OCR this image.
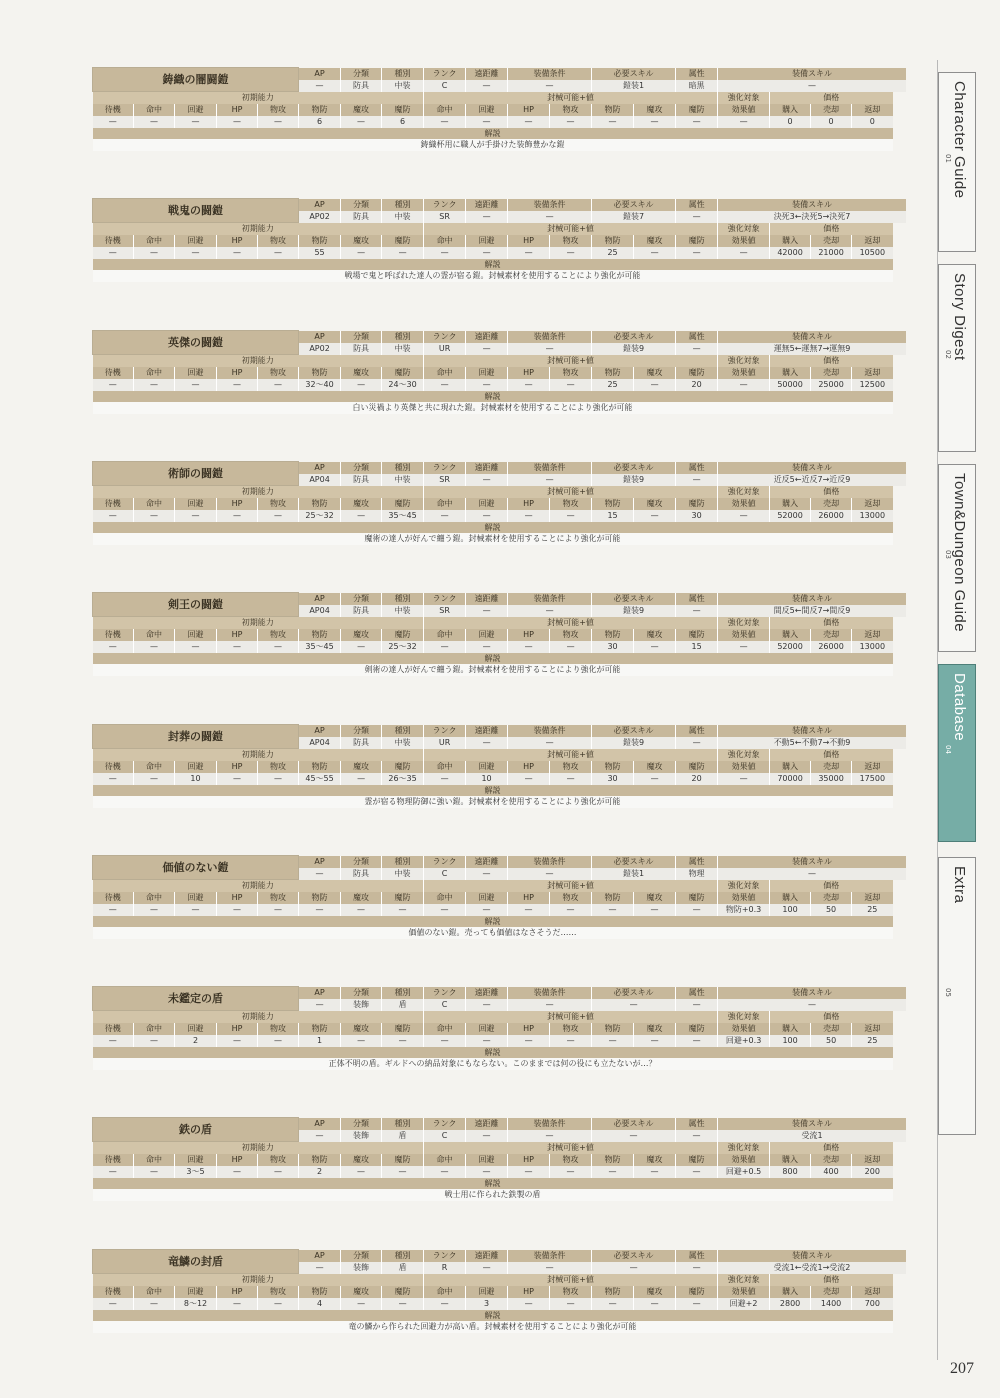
01 Character Guide
02 Story Digest
03 Town&Dungeon Guide
04
Database
05
Extra
鋳織の闇闘鎧					AP	分類	種別	ランク	遠距離	装備条件		必要スキル		属性	装備スキル			
					—	防具	中装	C	—	—		鎧装1		暗黒	—			
初期能力								封械可能+値							強化対象	価格		
待機	命中	回避	HP	物攻	物防	魔攻	魔防	命中	回避	HP	物攻	物防	魔攻	魔防	効果値	購入	売却	返却
—	—	—	—	—	6	—	6	—	—	—	—	—	—	—	—	0	0	0
解説																		
鋳織杯用に職人が手掛けた装飾豊かな鎧																		
戦鬼の闘鎧					AP	分類	種別	ランク	遠距離	装備条件		必要スキル		属性	装備スキル			
					AP02	防具	中装	SR	—	—		鎧装7		—	決死3←決死5→決死7			
初期能力								封械可能+値							強化対象	価格		
待機	命中	回避	HP	物攻	物防	魔攻	魔防	命中	回避	HP	物攻	物防	魔攻	魔防	効果値	購入	売却	返却
—	—	—	—	—	55	—	—	—	—	—	—	25	—	—	—	42000	21000	10500
解説																		
戦場で鬼と呼ばれた達人の霊が宿る鎧。封械素材を使用することにより強化が可能																		
英傑の闘鎧					AP	分類	種別	ランク	遠距離	装備条件		必要スキル		属性	装備スキル			
					AP02	防具	中装	UR	—	—		鎧装9		—	運無5←運無7→運無9			
初期能力								封械可能+値							強化対象	価格		
待機	命中	回避	HP	物攻	物防	魔攻	魔防	命中	回避	HP	物攻	物防	魔攻	魔防	効果値	購入	売却	返却
—	—	—	—	—	32～40	—	24～30	—	—	—	—	25	—	20	—	50000	25000	12500
解説																		
白い災禍より英傑と共に現れた鎧。封械素材を使用することにより強化が可能																		
術師の闘鎧					AP	分類	種別	ランク	遠距離	装備条件		必要スキル		属性	装備スキル			
					AP04	防具	中装	SR	—	—		鎧装9		—	近反5←近反7→近反9			
初期能力								封械可能+値							強化対象	価格		
待機	命中	回避	HP	物攻	物防	魔攻	魔防	命中	回避	HP	物攻	物防	魔攻	魔防	効果値	購入	売却	返却
—	—	—	—	—	25～32	—	35～45	—	—	—	—	15	—	30	—	52000	26000	13000
解説																		
魔術の達人が好んで纏う鎧。封械素材を使用することにより強化が可能																		
剣王の闘鎧					AP	分類	種別	ランク	遠距離	装備条件		必要スキル		属性	装備スキル			
					AP04	防具	中装	SR	—	—		鎧装9		—	間反5←間反7→間反9			
初期能力								封械可能+値							強化対象	価格		
待機	命中	回避	HP	物攻	物防	魔攻	魔防	命中	回避	HP	物攻	物防	魔攻	魔防	効果値	購入	売却	返却
—	—	—	—	—	35～45	—	25～32	—	—	—	—	30	—	15	—	52000	26000	13000
解説																		
剣術の達人が好んで纏う鎧。封械素材を使用することにより強化が可能																		
封葬の闘鎧					AP	分類	種別	ランク	遠距離	装備条件		必要スキル		属性	装備スキル			
					AP04	防具	中装	UR	—	—		鎧装9		—	不動5←不動7→不動9			
初期能力								封械可能+値							強化対象	価格		
待機	命中	回避	HP	物攻	物防	魔攻	魔防	命中	回避	HP	物攻	物防	魔攻	魔防	効果値	購入	売却	返却
—	—	10	—	—	45～55	—	26～35	—	10	—	—	30	—	20	—	70000	35000	17500
解説																		
霊が宿る物理防御に強い鎧。封械素材を使用することにより強化が可能																		
価値のない鎧					AP	分類	種別	ランク	遠距離	装備条件		必要スキル		属性	装備スキル			
					—	防具	中装	C	—	—		鎧装1		物理	—			
初期能力								封械可能+値							強化対象	価格		
待機	命中	回避	HP	物攻	物防	魔攻	魔防	命中	回避	HP	物攻	物防	魔攻	魔防	効果値	購入	売却	返却
—	—	—	—	—	—	—	—	—	—	—	—	—	—	—	物防+0.3	100	50	25
解説																		
価値のない鎧。売っても価値はなさそうだ……																		
未鑑定の盾					AP	分類	種別	ランク	遠距離	装備条件		必要スキル		属性	装備スキル			
					—	装飾	盾	C	—	—		—		—	—			
初期能力								封械可能+値							強化対象	価格		
待機	命中	回避	HP	物攻	物防	魔攻	魔防	命中	回避	HP	物攻	物防	魔攻	魔防	効果値	購入	売却	返却
—	—	2	—	—	1	—	—	—	—	—	—	—	—	—	回避+0.3	100	50	25
解説																		
正体不明の盾。ギルドへの納品対象にもならない。このままでは何の役にも立たないが…？																		
鉄の盾					AP	分類	種別	ランク	遠距離	装備条件		必要スキル		属性	装備スキル			
					—	装飾	盾	C	—	—		—		—	受流1			
初期能力								封械可能+値							強化対象	価格		
待機	命中	回避	HP	物攻	物防	魔攻	魔防	命中	回避	HP	物攻	物防	魔攻	魔防	効果値	購入	売却	返却
—	—	3～5	—	—	2	—	—	—	—	—	—	—	—	—	回避+0.5	800	400	200
解説																		
戦士用に作られた鉄製の盾																		
竜鱗の封盾					AP	分類	種別	ランク	遠距離	装備条件		必要スキル		属性	装備スキル			
					—	装飾	盾	R	—	—		—		—	受流1←受流1→受流2			
初期能力								封械可能+値							強化対象	価格		
待機	命中	回避	HP	物攻	物防	魔攻	魔防	命中	回避	HP	物攻	物防	魔攻	魔防	効果値	購入	売却	返却
—	—	8～12	—	—	4	—	—	—	3	—	—	—	—	—	回避+2	2800	1400	700
解説																		
竜の鱗から作られた回避力が高い盾。封械素材を使用することにより強化が可能																		
207
